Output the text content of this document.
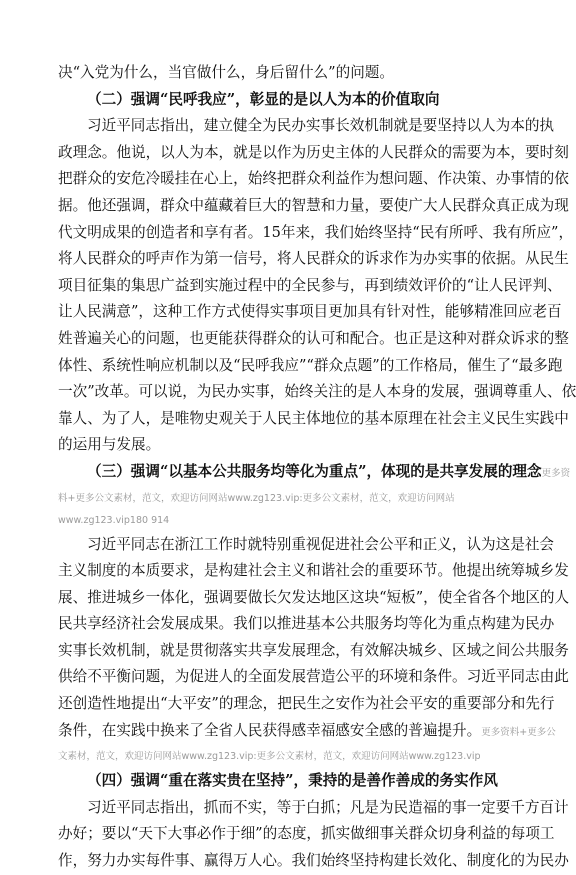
决“入党为什么，当官做什么，身后留什么”的问题。

（二）强调“民呼我应”，彰显的是以人为本的价值取向

习近平同志指出，建立健全为民办实事长效机制就是要坚持以人为本的执

政理念。他说，以人为本，就是以作为历史主体的人民群众的需要为本，要时刻

把群众的安危冷暖挂在心上，始终把群众利益作为想问题、作决策、办事情的依

据。他还强调，群众中蕴藏着巨大的智慧和力量，要使广大人民群众真正成为现

代文明成果的创造者和享有者。15年来，我们始终坚持“民有所呼、我有所应”，

将人民群众的呼声作为第一信号，将人民群众的诉求作为办实事的依据。从民生

项目征集的集思广益到实施过程中的全民参与，再到绩效评价的“让人民评判、

让人民满意”，这种工作方式使得实事项目更加具有针对性，能够精准回应老百

姓普遍关心的问题，也更能获得群众的认可和配合。也正是这种对群众诉求的整

体性、系统性响应机制以及“民呼我应”“群众点题”的工作格局，催生了“最多跑

一次”改革。可以说，为民办实事，始终关注的是人本身的发展，强调尊重人、依

靠人、为了人，是唯物史观关于人民主体地位的基本原理在社会主义民生实践中

的运用与发展。

（三）强调“以基本公共服务均等化为重点”，体现的是共享发展的理念更多资

料+更多公文素材，范文，欢迎访问网站www.zg123.vip:更多公文素材，范文，欢迎访问网站
www.zg123.vip180 914

习近平同志在浙江工作时就特别重视促进社会公平和正义，认为这是社会

主义制度的本质要求，是构建社会主义和谐社会的重要环节。他提出统筹城乡发

展、推进城乡一体化，强调要做长欠发达地区这块“短板”，使全省各个地区的人

民共享经济社会发展成果。我们以推进基本公共服务均等化为重点构建为民办

实事长效机制，就是贯彻落实共享发展理念，有效解决城乡、区域之间公共服务

供给不平衡问题，为促进人的全面发展营造公平的环境和条件。习近平同志由此

还创造性地提出“大平安”的理念，把民生之安作为社会平安的重要部分和先行

条件，在实践中换来了全省人民获得感幸福感安全感的普遍提升。更多资料+更多公

文素材，范文，欢迎访问网站www.zg123.vip:更多公文素材，范文，欢迎访问网站www.zg123.vip

（四）强调“重在落实贵在坚持”，秉持的是善作善成的务实作风

习近平同志指出，抓而不实，等于白抓；凡是为民造福的事一定要千方百计

办好；要以“天下大事必作于细”的态度，抓实做细事关群众切身利益的每项工

作，努力办实每件事、赢得万人心。我们始终坚持构建长效化、制度化的为民办
